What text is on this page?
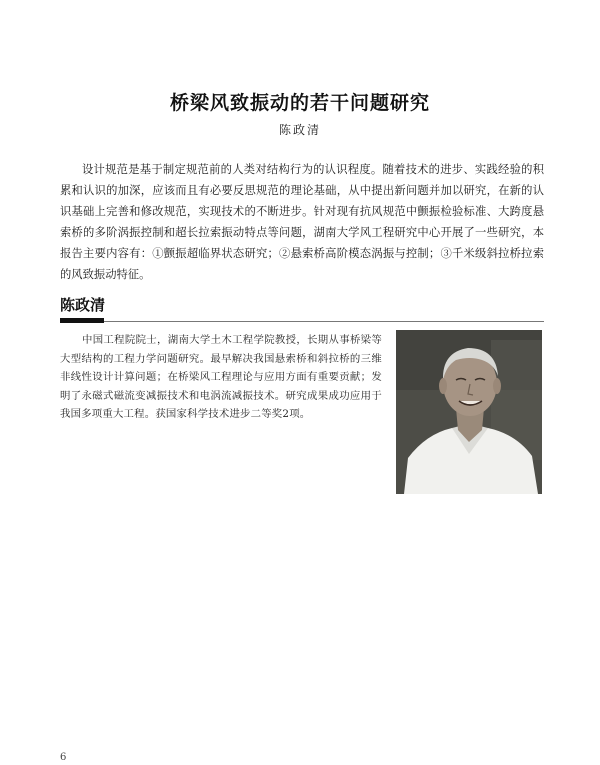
桥梁风致振动的若干问题研究
陈政清
设计规范是基于制定规范前的人类对结构行为的认识程度。随着技术的进步、实践经验的积累和认识的加深，应该而且有必要反思规范的理论基础，从中提出新问题并加以研究，在新的认识基础上完善和修改规范，实现技术的不断进步。针对现有抗风规范中颤振检验标准、大跨度悬索桥的多阶涡振控制和超长拉索振动特点等问题，湖南大学风工程研究中心开展了一些研究，本报告主要内容有：①颤振超临界状态研究；②悬索桥高阶模态涡振与控制；③千米级斜拉桥拉索的风致振动特征。
陈政清
中国工程院院士，湖南大学土木工程学院教授，长期从事桥梁等大型结构的工程力学问题研究。最早解决我国悬索桥和斜拉桥的三维非线性设计计算问题；在桥梁风工程理论与应用方面有重要贡献；发明了永磁式磁流变减振技术和电涡流减振技术。研究成果成功应用于我国多项重大工程。获国家科学技术进步二等奖2项。
6
